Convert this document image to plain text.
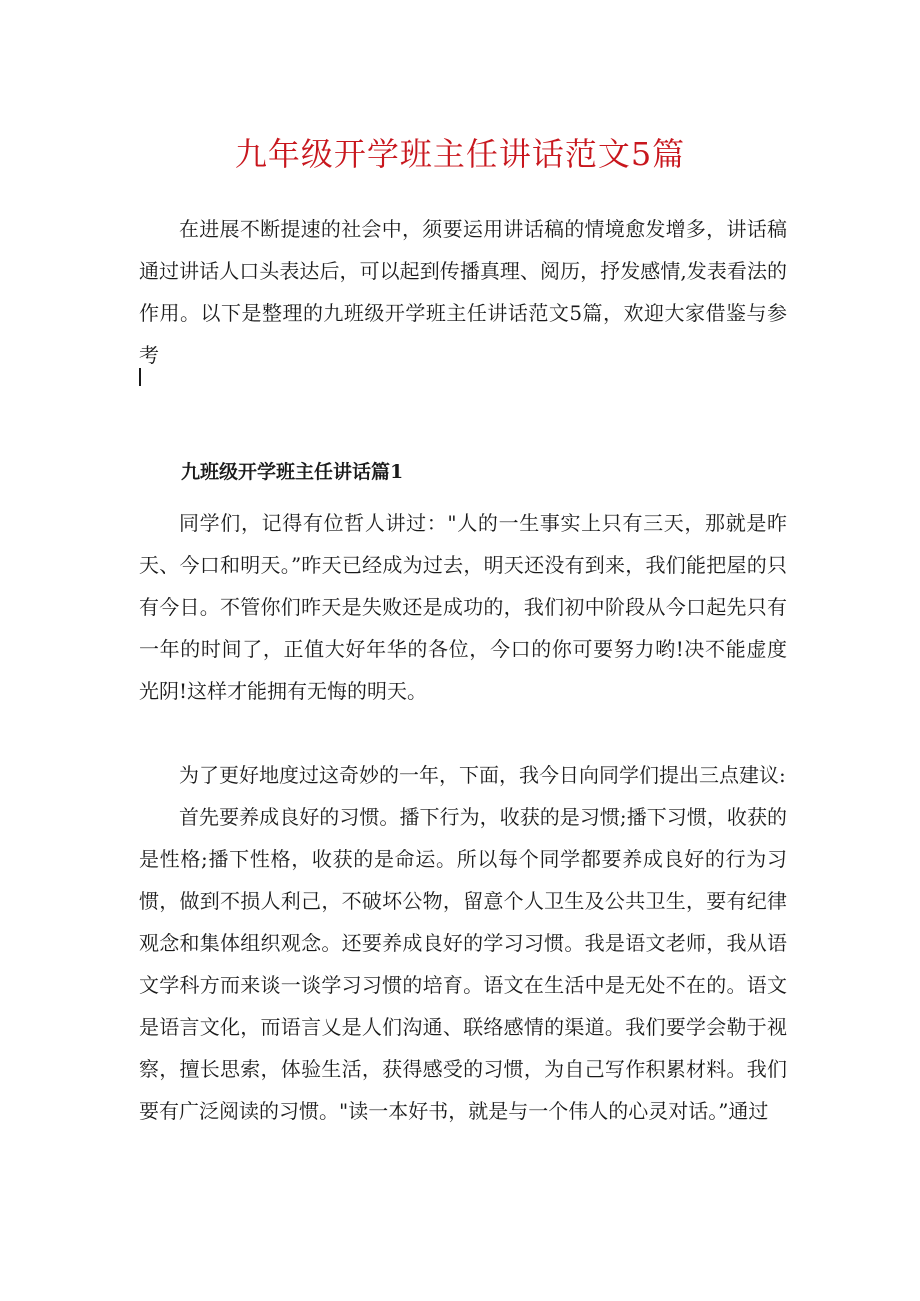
九年级开学班主任讲话范文5篇

在进展不断提速的社会中，须要运用讲话稿的情境愈发增多，讲话稿通过讲话人口头表达后，可以起到传播真理、阅历，抒发感情,发表看法的作用。以下是整理的九班级开学班主任讲话范文5篇，欢迎大家借鉴与参考

九班级开学班主任讲话篇1

同学们，记得有位哲人讲过："人的一生事实上只有三天，那就是昨天、今口和明天。”昨天已经成为过去，明天还没有到来，我们能把屋的只有今日。不管你们昨天是失败还是成功的，我们初中阶段从今口起先只有一年的时间了，正值大好年华的各位，今口的你可要努力哟!决不能虚度光阴!这样才能拥有无悔的明天。

为了更好地度过这奇妙的一年，下面，我今日向同学们提出三点建议:

首先要养成良好的习惯。播下行为，收获的是习惯;播下习惯，收获的是性格;播下性格，收获的是命运。所以每个同学都要养成良好的行为习惯，做到不损人利己，不破坏公物，留意个人卫生及公共卫生，要有纪律观念和集体组织观念。还要养成良好的学习习惯。我是语文老师，我从语文学科方而来谈一谈学习习惯的培育。语文在生活中是无处不在的。语文是语言文化，而语言乂是人们沟通、联络感情的渠道。我们要学会勒于视察，擅长思索，体验生活，获得感受的习惯，为自己写作积累材料。我们要有广泛阅读的习惯。"读一本好书，就是与一个伟人的心灵对话。”通过
